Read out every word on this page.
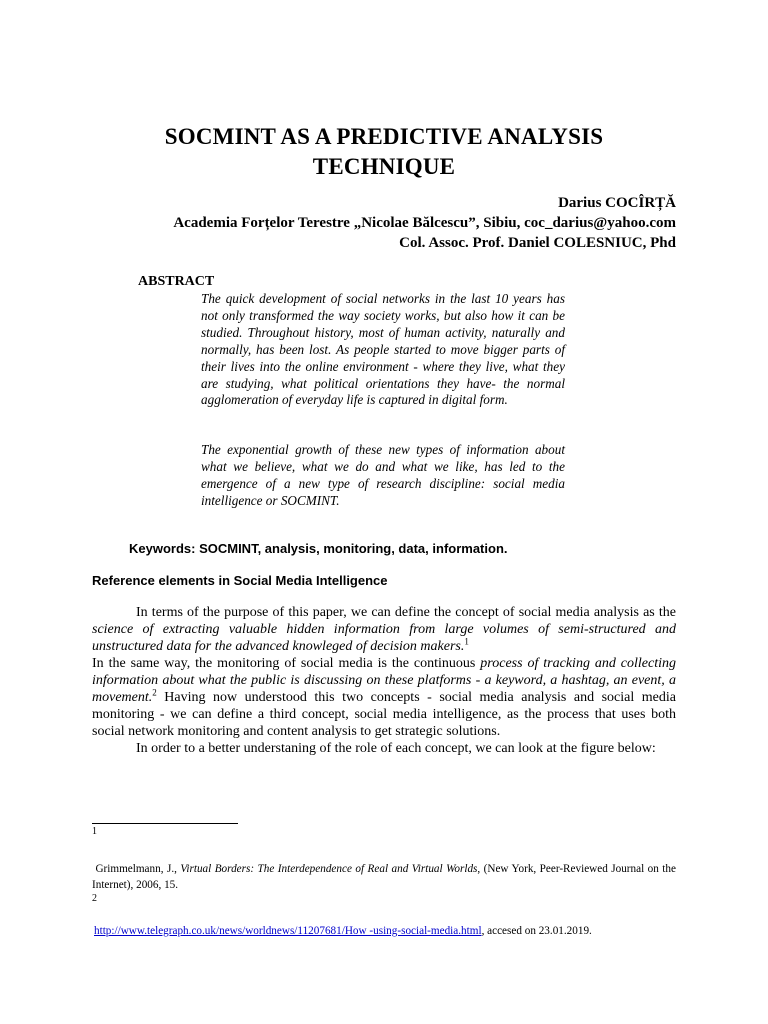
SOCMINT AS A PREDICTIVE ANALYSIS
TECHNIQUE
Darius COCÎRȚĂ
Academia Forțelor Terestre „Nicolae Bălcescu”, Sibiu, coc_darius@yahoo.com
Col. Assoc. Prof. Daniel COLESNIUC, Phd
ABSTRACT
The quick development of social networks in the last 10 years has not only transformed the way society works, but also how it can be studied. Throughout history, most of human activity, naturally and normally, has been lost. As people started to move bigger parts of their lives into the online environment - where they live, what they are studying, what political orientations they have- the normal agglomeration of everyday life is captured in digital form.
The exponential growth of these new types of information about what we believe, what we do and what we like, has led to the emergence of a new type of research discipline: social media intelligence or SOCMINT.
Keywords: SOCMINT, analysis, monitoring, data, information.
Reference elements in Social Media Intelligence

In terms of the purpose of this paper, we can define the concept of social media analysis as the science of extracting valuable hidden information from large volumes of semi-structured and unstructured data for the advanced knowleged of decision makers.$^1$
In the same way, the monitoring of social media is the continuous process of tracking and collecting information about what the public is discussing on these platforms - a keyword, a hashtag, an event, a movement.$^2$ Having now understood this two concepts - social media analysis and social media monitoring - we can define a third concept, social media intelligence, as the process that uses both social network monitoring and content analysis to get strategic solutions.

In order to a better understaning of the role of each concept, we can look at the figure below:

1
Grimmelmann, J., Virtual Borders: The Interdependence of Real and Virtual Worlds, (New York, Peer-Reviewed Journal on the Internet), 2006, 15.
2
http://www.telegraph.co.uk/news/worldnews/11207681/How -using-social-media.html, accesed on 23.01.2019.
